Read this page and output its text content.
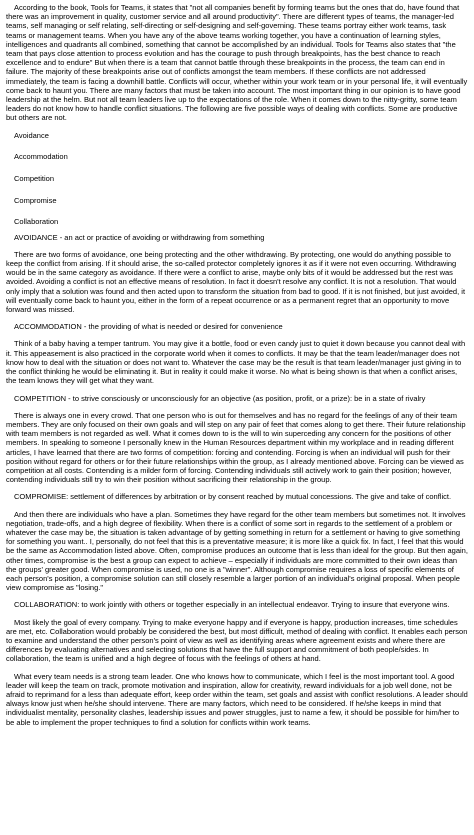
According to the book, Tools for Teams, it states that "not all companies benefit by forming teams but the ones that do, have found that there was an improvement in quality, customer service and all around productivity". There are different types of teams, the manager-led teams, self managing or self relating, self-directing or self-designing and self-governing. These teams portray either work teams, task teams or management teams. When you have any of the above teams working together, you have a continuation of learning styles, intelligences and quadrants all combined, something that cannot be accomplished by an individual. Tools for Teams also states that "the team that pays close attention to process evolution and has the courage to push through breakpoints, has the best chance to reach excellence and to endure" But when there is a team that cannot battle through these breakpoints in the process, the team can end in failure. The majority of these breakpoints arise out of conflicts amongst the team members. If these conflicts are not addressed immediately, the team is facing a downhill battle. Conflicts will occur, whether within your work team or in your personal life, it will eventually come back to haunt you. There are many factors that must be taken into account. The most important thing in our opinion is to have good leadership at the helm. But not all team leaders live up to the expectations of the role. When it comes down to the nitty-gritty, some team leaders do not know how to handle conflict situations. The following are five possible ways of dealing with conflicts. Some are productive but others are not.

Avoidance
Accommodation
Competition
Compromise
Collaboration

AVOIDANCE - an act or practice of avoiding or withdrawing from something

There are two forms of avoidance, one being protecting and the other withdrawing. By protecting, one would do anything possible to keep the conflict from arising. If it should arise, the so-called protector completely ignores it as if it were not even occurring. Withdrawing would be in the same category as avoidance. If there were a conflict to arise, maybe only bits of it would be addressed but the rest was avoided. Avoiding a conflict is not an effective means of resolution. In fact it doesn't resolve any conflict. It is not a resolution. That would only imply that a solution was found and then acted upon to transform the situation from bad to good. If it is not finished, but just avoided, it will eventually come back to haunt you, either in the form of a repeat occurrence or as a permanent regret that an opportunity to move forward was missed.

ACCOMMODATION - the providing of what is needed or desired for convenience

Think of a baby having a temper tantrum. You may give it a bottle, food or even candy just to quiet it down because you cannot deal with it. This appeasement is also practiced in the corporate world when it comes to conflicts. It may be that the team leader/manager does not know how to deal with the situation or does not want to. Whatever the case may be the result is that team leader/manager just giving in to the conflict thinking he would be eliminating it. But in reality it could make it worse. No what is being shown is that when a conflict arises, the team knows they will get what they want.

COMPETITION - to strive consciously or unconsciously for an objective (as position, profit, or a prize): be in a state of rivalry

There is always one in every crowd. That one person who is out for themselves and has no regard for the feelings of any of their team members. They are only focused on their own goals and will step on any pair of feet that comes along to get there. Their future relationship with team members is not regarded as well. What it comes down to is the will to win superceding any concern for the positions of other members. In speaking to someone I personally knew in the Human Resources department within my workplace and in reading different articles, I have learned that there are two forms of competition: forcing and contending. Forcing is when an individual will push for their position without regard for others or for their future relationships within the group, as I already mentioned above. Forcing can be viewed as competition at all costs. Contending is a milder form of forcing. Contending individuals still actively work to gain their position; however, contending individuals still try to win their position without sacrificing their relationship in the group.

COMPROMISE: settlement of differences by arbitration or by consent reached by mutual concessions. The give and take of conflict.

And then there are individuals who have a plan. Sometimes they have regard for the other team members but sometimes not. It involves negotiation, trade-offs, and a high degree of flexibility. When there is a conflict of some sort in regards to the settlement of a problem or whatever the case may be, the situation is taken advantage of by getting something in return for a settlement or having to give something for something you want.. I, personally, do not feel that this is a preventative measure; it is more like a quick fix. In fact, I feel that this would be the same as Accommodation listed above. Often, compromise produces an outcome that is less than ideal for the group. But then again, other times, compromise is the best a group can expect to achieve – especially if individuals are more committed to their own ideas than the groups' greater good. When compromise is used, no one is a "winner". Although compromise requires a loss of specific elements of each person's position, a compromise solution can still closely resemble a larger portion of an individual's original proposal. When people view compromise as "losing."

COLLABORATION: to work jointly with others or together especially in an intellectual endeavor. Trying to insure that everyone wins.

Most likely the goal of every company. Trying to make everyone happy and if everyone is happy, production increases, time schedules are met, etc. Collaboration would probably be considered the best, but most difficult, method of dealing with conflict. It enables each person to examine and understand the other person's point of view as well as identifying areas where agreement exists and where there are differences by evaluating alternatives and selecting solutions that have the full support and commitment of both people/sides. In collaboration, the team is unified and a high degree of focus with the feelings of others at hand.

What every team needs is a strong team leader. One who knows how to communicate, which I feel is the most important tool. A good leader will keep the team on track, promote motivation and inspiration, allow for creativity, reward individuals for a job well done, not be afraid to reprimand for a less than adequate effort, keep order within the team, set goals and assist with conflict resolutions. A leader should always know just when he/she should intervene. There are many factors, which need to be considered. If he/she keeps in mind that individualist mentality, personality clashes, leadership issues and power struggles, just to name a few, it should be possible for him/her to be able to implement the proper techniques to find a solution for conflicts within work teams.
